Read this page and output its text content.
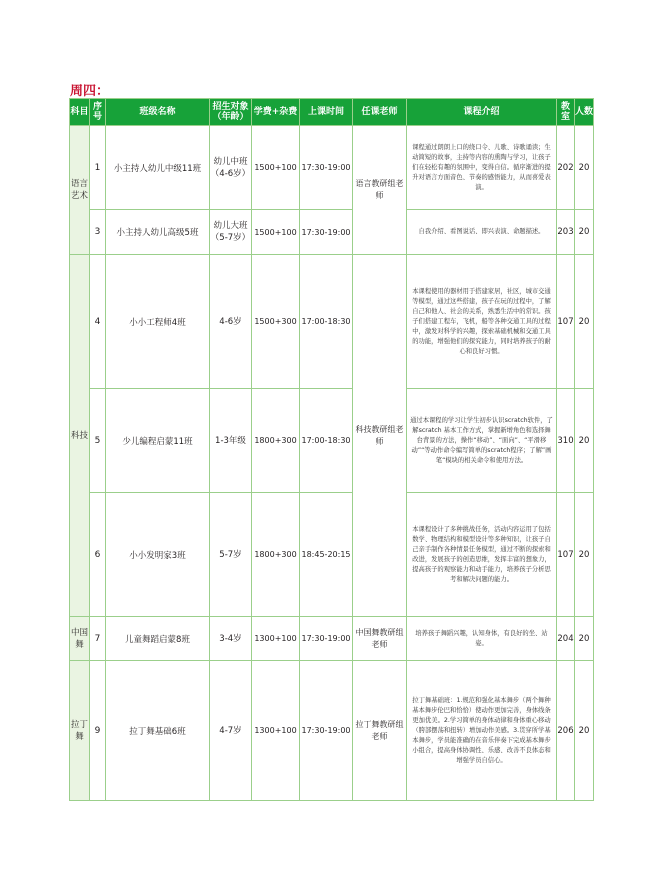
周四：
科目	序号	班级名称	招生对象（年龄）	学费+杂费	上课时间	任课老师	课程介绍	教室	人数
语言艺术	1	小主持人幼儿中级11班	幼儿中班（4-6岁）	1500+100	17:30-19:00	语言教研组老师	课程通过朗朗上口的绕口令、儿歌、诗歌诵读；生动简短的故事，主持等内容的熏陶与学习，让孩子们在轻松有趣的氛围中，变得自信。循序渐进的提升对语言方面音色、节奏的感悟能力，从而喜爱表演。	202	20
	3	小主持人幼儿高级5班	幼儿大班（5-7岁）	1500+100	17:30-19:00		自我介绍、看图说话、即兴表演、命题描述。	203	20
科技	4	小小工程师4班	4-6岁	1500+300	17:00-18:30	科技教研组老师	本课程使用的器材用于搭建家居，社区，城市交通等模型，通过这些搭建，孩子在玩的过程中，了解自己和他人、社会的关系，熟悉生活中的常识。孩子们搭建工程车，飞机，船等各种交通工具的过程中，激发对科学的兴趣，探索基础机械和交通工具的功能，增强他们的探究能力，同时培养孩子的耐心和良好习惯。	107	20
	5	少儿编程启蒙11班	1-3年级	1800+300	17:00-18:30		通过本课程的学习让学生初步认识scratch软件，了解scratch 基本工作方式，掌握新增角色和选择舞台背景的方法，操作“移动”、“面向”、“平滑移动”“等动作命令编写简单的scratch程序；了解”画笔“模块的相关命令和使用方法。	310	20
	6	小小发明家3班	5-7岁	1800+300	18:45-20:15		本课程设计了多种挑战任务，活动内容运用了包括数学、物理结构和模型设计等多种知识，让孩子自己亲手制作各种情景任务模型，通过不断的探索和改进，发展孩子的创造思维，发挥丰富的想象力，提高孩子的观察能力和动手能力，培养孩子分析思考和解决问题的能力。	107	20
中国舞	7	儿童舞蹈启蒙8班	3-4岁	1300+100	17:30-19:00	中国舞教研组老师	培养孩子舞蹈兴趣，认知身体，有良好的坐、站姿。	204	20
拉丁舞	9	拉丁舞基础6班	4-7岁	1300+100	17:30-19:00	拉丁舞教研组老师	拉丁舞基础班：1.规范和强化基本舞步（两个舞种基本舞步伦巴和恰恰）使动作更加完善，身体线条更加优美。2.学习简单的身体动律和身体重心移动（胯部摆荡和扭转）增加动作美感。3.贯穿所学基本舞步，学员能准确的在音乐伴奏下完成基本舞步小组合，提高身体协调性、乐感、改善不良体态和增强学员自信心。	206	20
